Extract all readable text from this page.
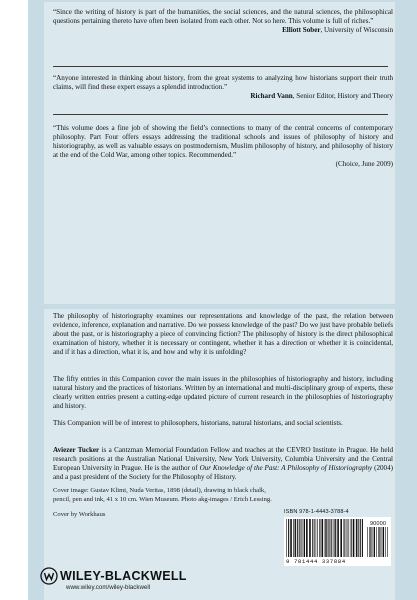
“Since the writing of history is part of the humanities, the social sciences, and the natural sciences, the philosophical questions pertaining thereto have often been isolated from each other. Not so here. This volume is full of riches.”

Elliott Sober, University of Wisconsin

“Anyone interested in thinking about history, from the great systems to analyzing how historians support their truth claims, will find these expert essays a splendid introduction.”

Richard Vann, Senior Editor, History and Theory

“This volume does a fine job of showing the field’s connections to many of the central concerns of contemporary philosophy. Part Four offers essays addressing the traditional schools and issues of philosophy of history and historiography, as well as valuable essays on postmodernism, Muslim philosophy of history, and philosophy of history at the end of the Cold War, among other topics. Recommended.”

(Choice, June 2009)

The philosophy of historiography examines our representations and knowledge of the past, the relation between evidence, inference, explanation and narrative. Do we possess knowledge of the past? Do we just have probable beliefs about the past, or is historiography a piece of convincing fiction? The philosophy of history is the direct philosophical examination of history, whether it is necessary or contingent, whether it has a direction or whether it is coincidental, and if it has a direction, what it is, and how and why it is unfolding?

The fifty entries in this Companion cover the main issues in the philosophies of historiography and history, including natural history and the practices of historians. Written by an international and multi-disciplinary group of experts, these clearly written entries present a cutting-edge updated picture of current research in the philosophies of historiography and history.

This Companion will be of interest to philosophers, historians, natural historians, and social scientists.

Aviezer Tucker is a Cantzman Memorial Foundation Fellow and teaches at the CEVRO Institute in Prague. He held research positions at the Australian National University, New York University, Columbia University and the Central European University in Prague. He is the author of Our Knowledge of the Past: A Philosophy of Historiography (2004) and a past president of the Society for the Philosophy of History.

Cover image: Gustav Klimt, Nuda Veritas, 1898 (detail), drawing in black chalk, pencil, pen and ink, 41 x 10 cm. Wien Museum. Photo akg-images / Erich Lessing.
Cover by Workhaus	ISBN 978-1-4443-3788-4
90000
9 781444 337884
WILEY-BLACKWELL
www.wiley.com/wiley-blackwell
